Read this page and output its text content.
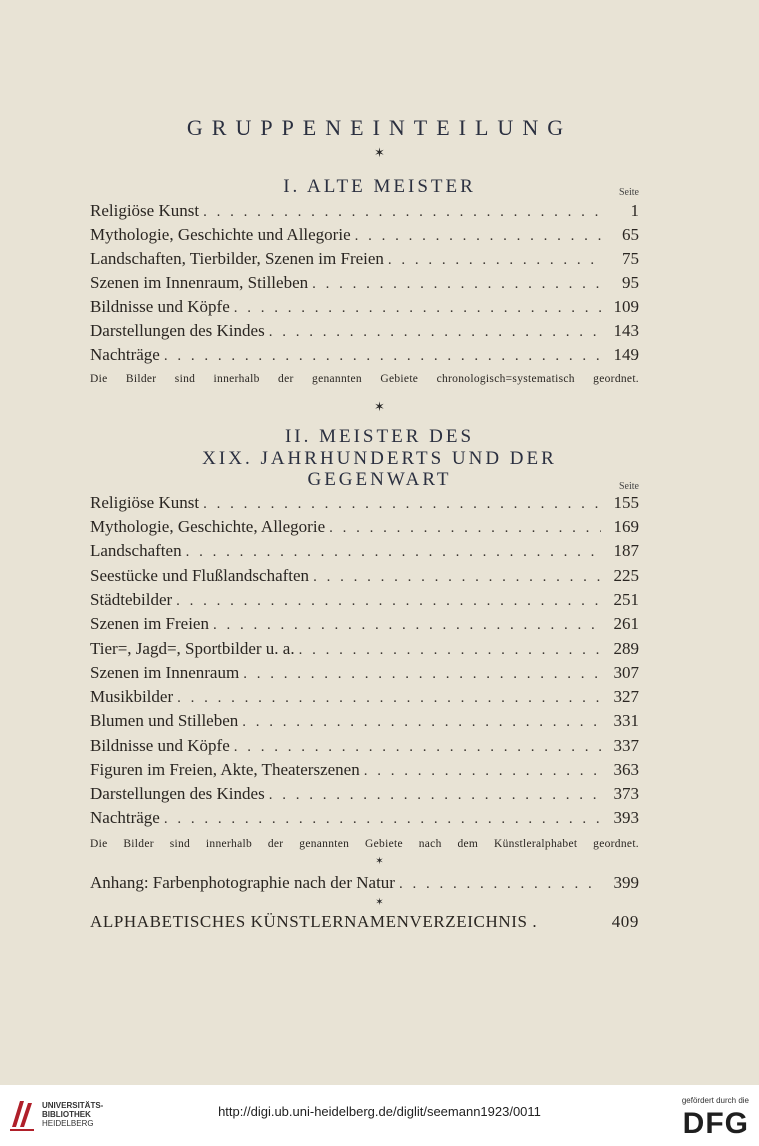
GRUPPENEINTEILUNG
✶
I. ALTE MEISTER	Seite
Religiöse Kunst . . .	1
Mythologie, Geschichte und Allegorie . . .	65
Landschaften, Tierbilder, Szenen im Freien . . .	75
Szenen im Innenraum, Stilleben . . .	95
Bildnisse und Köpfe . . .	109
Darstellungen des Kindes . . .	143
Nachträge . . .	149
Die Bilder sind innerhalb der genannten Gebiete chronologisch=systematisch geordnet.
✶
II. MEISTER DES
XIX. JAHRHUNDERTS UND DER
GEGENWART	Seite
Religiöse Kunst . . .	155
Mythologie, Geschichte, Allegorie . . .	169
Landschaften . . .	187
Seestücke und Flußlandschaften . . .	225
Städtebilder . . .	251
Szenen im Freien . . .	261
Tier=, Jagd=, Sportbilder u. a. . . .	289
Szenen im Innenraum . . .	307
Musikbilder . . .	327
Blumen und Stilleben . . .	331
Bildnisse und Köpfe . . .	337
Figuren im Freien, Akte, Theaterszenen . . .	363
Darstellungen des Kindes . . .	373
Nachträge . . .	393
Die Bilder sind innerhalb der genannten Gebiete nach dem Künstleralphabet geordnet.
✶
Anhang: Farbenphotographie nach der Natur . . .	399
✶
ALPHABETISCHES KÜNSTLERNAMENVERZEICHNIS .	409
UNIVERSITÄTS-
BIBLIOTHEK
HEIDELBERG
http://digi.ub.uni-heidelberg.de/diglit/seemann1923/0011
gefördert durch die
DFG
